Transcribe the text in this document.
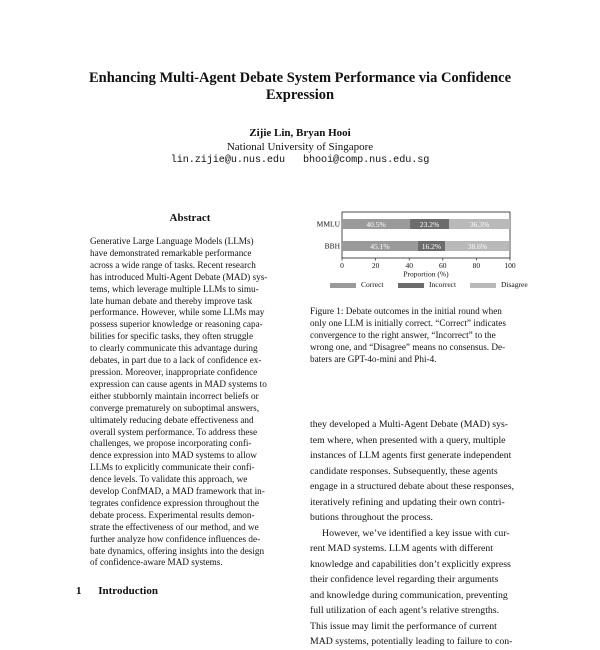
Enhancing Multi-Agent Debate System Performance via Confidence
Expression
Zijie Lin, Bryan Hooi
National University of Singapore
lin.zijie@u.nus.edu bhooi@comp.nus.edu.sg
Abstract
Generative Large Language Models (LLMs)
have demonstrated remarkable performance
across a wide range of tasks. Recent research
has introduced Multi-Agent Debate (MAD) sys-
tems, which leverage multiple LLMs to simu-
late human debate and thereby improve task
performance. However, while some LLMs may
possess superior knowledge or reasoning capa-
bilities for specific tasks, they often struggle
to clearly communicate this advantage during
debates, in part due to a lack of confidence ex-
pression. Moreover, inappropriate confidence
expression can cause agents in MAD systems to
either stubbornly maintain incorrect beliefs or
converge prematurely on suboptimal answers,
ultimately reducing debate effectiveness and
overall system performance. To address these
challenges, we propose incorporating confi-
dence expression into MAD systems to allow
LLMs to explicitly communicate their confi-
dence levels. To validate this approach, we
develop ConfMAD, a MAD framework that in-
tegrates confidence expression throughout the
debate process. Experimental results demon-
strate the effectiveness of our method, and we
further analyze how confidence influences de-
bate dynamics, offering insights into the design
of confidence-aware MAD systems.
1 Introduction
40.5%	23.2%	36.3%
MMLU
45.1%	16.2%	38.6%
BBH
0	20	40	60	80	100
Proportion (%)
Correct	Incorrect	Disagree
Figure 1: Debate outcomes in the initial round when
only one LLM is initially correct. “Correct” indicates
convergence to the right answer, “Incorrect” to the
wrong one, and “Disagree” means no consensus. De-
baters are GPT-4o-mini and Phi-4.
they developed a Multi-Agent Debate (MAD) sys-
tem where, when presented with a query, multiple
instances of LLM agents first generate independent
candidate responses. Subsequently, these agents
engage in a structured debate about these responses,
iteratively refining and updating their own contri-
butions throughout the process.
However, we’ve identified a key issue with cur-
rent MAD systems. LLM agents with different
knowledge and capabilities don’t explicitly express
their confidence level regarding their arguments
and knowledge during communication, preventing
full utilization of each agent’s relative strengths.
This issue may limit the performance of current
MAD systems, potentially leading to failure to con-
